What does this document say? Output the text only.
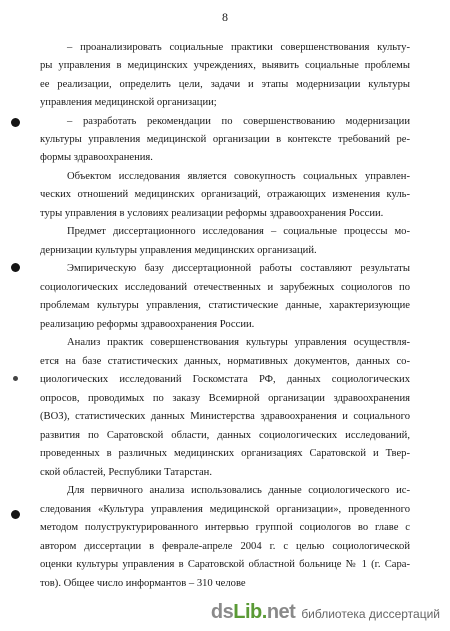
8
– проанализировать социальные практики совершенствования культу-
ры управления в медицинских учреждениях, выявить социальные проблемы
ее реализации, определить цели, задачи и этапы модернизации культуры
управления медицинской организации;
– разработать рекомендации по совершенствованию модернизации
культуры управления медицинской организации в контексте требований ре-
формы здравоохранения.
Объектом исследования является совокупность социальных управлен-
ческих отношений медицинских организаций, отражающих изменения куль-
туры управления в условиях реализации реформы здравоохранения России.
Предмет диссертационного исследования – социальные процессы мо-
дернизации культуры управления медицинских организаций.
Эмпирическую базу диссертационной работы составляют результаты
социологических исследований отечественных и зарубежных социологов по
проблемам культуры управления, статистические данные, характеризующие
реализацию реформы здравоохранения России.
Анализ практик совершенствования культуры управления осуществля-
ется на базе статистических данных, нормативных документов, данных со-
циологических исследований Госкомстата РФ, данных социологических
опросов, проводимых по заказу Всемирной организации здравоохранения
(ВОЗ), статистических данных Министерства здравоохранения и социального
развития по Саратовской области, данных социологических исследований,
проведенных в различных медицинских организациях Саратовской и Твер-
ской областей, Республики Татарстан.
Для первичного анализа использовались данные социологического ис-
следования «Культура управления медицинской организации», проведенного
методом полуструктурированного интервью группой социологов во главе с
автором диссертации в феврале-апреле 2004 г. с целью социологической
оценки культуры управления в Саратовской областной больнице № 1 (г. Сара-
тов). Общее число информантов – 310 челове
ds Lib . net библиотека диссертаций
